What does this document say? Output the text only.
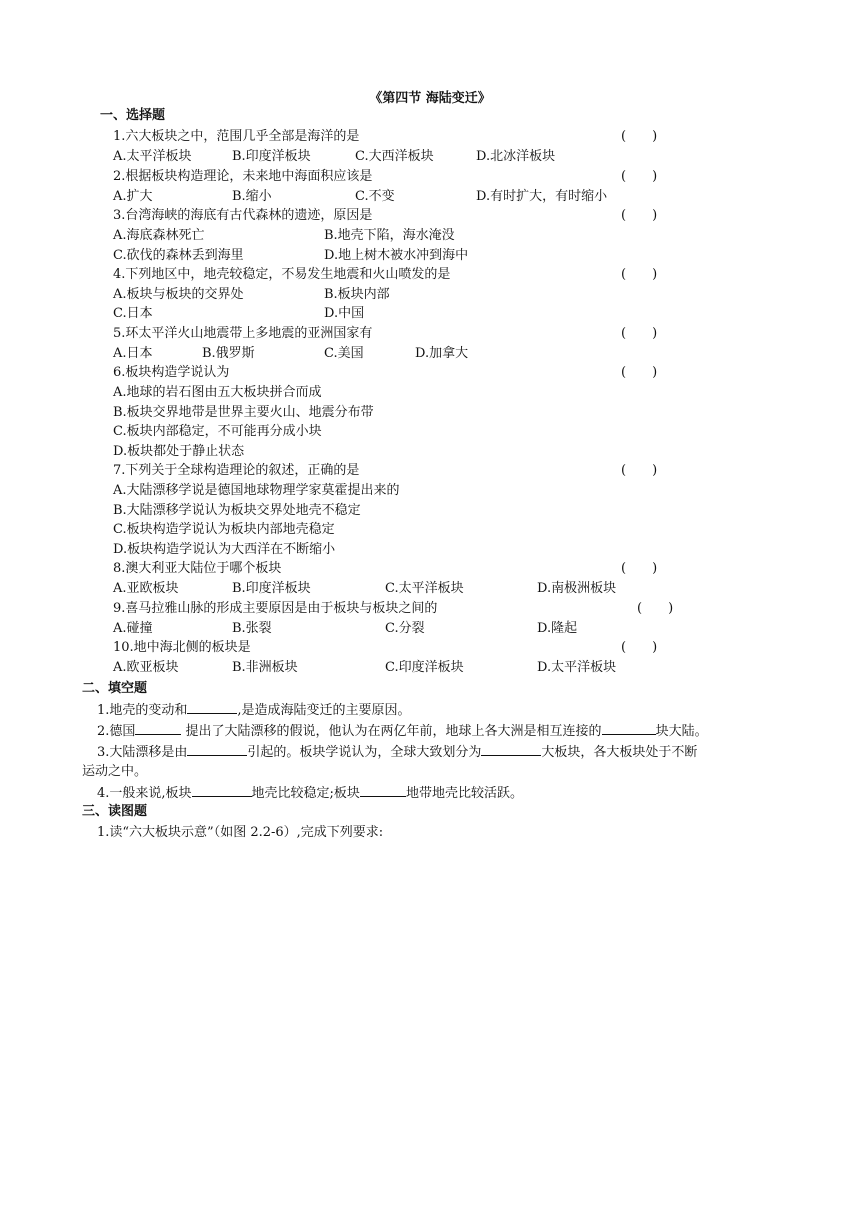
《第四节 海陆变迁》
一、选择题
1.六大板块之中，范围几乎全部是海洋的是	(　　)
A.太平洋板块	B.印度洋板块	C.大西洋板块	D.北冰洋板块
2.根据板块构造理论，未来地中海面积应该是	(　　)
A.扩大	B.缩小	C.不变	D.有时扩大，有时缩小
3.台湾海峡的海底有古代森林的遗迹，原因是	(　　)
A.海底森林死亡	B.地壳下陷，海水淹没
C.砍伐的森林丢到海里	D.地上树木被水冲到海中
4.下列地区中，地壳较稳定，不易发生地震和火山喷发的是	(　　)
A.板块与板块的交界处	B.板块内部
C.日本	D.中国
5.环太平洋火山地震带上多地震的亚洲国家有	(　　)
A.日本	B.俄罗斯	C.美国	D.加拿大
6.板块构造学说认为	(　　)
A.地球的岩石图由五大板块拼合而成
B.板块交界地带是世界主要火山、地震分布带
C.板块内部稳定，不可能再分成小块
D.板块都处于静止状态
7.下列关于全球构造理论的叙述，正确的是	(　　)
A.大陆漂移学说是德国地球物理学家莫霍提出来的
B.大陆漂移学说认为板块交界处地壳不稳定
C.板块构造学说认为板块内部地壳稳定
D.板块构造学说认为大西洋在不断缩小
8.澳大利亚大陆位于哪个板块	(　　)
A.亚欧板块	B.印度洋板块	C.太平洋板块	D.南极洲板块
9.喜马拉雅山脉的形成主要原因是由于板块与板块之间的	(　　)
A.碰撞	B.张裂	C.分裂	D.隆起
10.地中海北侧的板块是	(　　)
A.欧亚板块	B.非洲板块	C.印度洋板块	D.太平洋板块
二、填空题
1.地壳的变动和	,是造成海陆变迁的主要原因。
2.德国	提出了大陆漂移的假说，他认为在两亿年前，地球上各大洲是相互连接的	块大陆。
3.大陆漂移是由	引起的。板块学说认为，全球大致划分为	大板块，各大板块处于不断
运动之中。
4.一般来说,板块	地壳比较稳定;板块	地带地壳比较活跃。
三、读图题
1.读“六大板块示意”（如图 2.2-6）,完成下列要求:
